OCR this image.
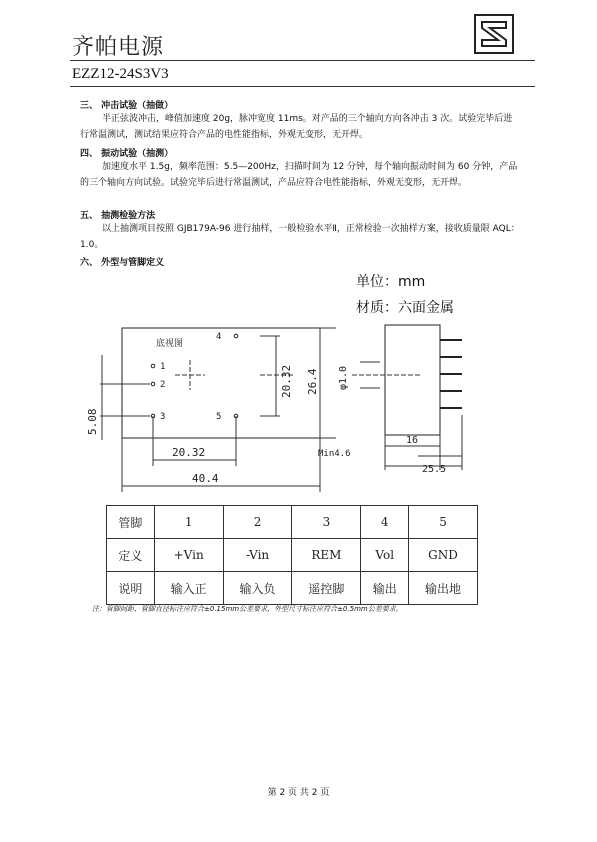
齐帕电源
EZZ12-24S3V3
三、 冲击试验（抽做）
半正弦波冲击，峰值加速度 20g，脉冲宽度 11ms。对产品的三个轴向方向各冲击 3 次。试验完毕后进行常温测试，测试结果应符合产品的电性能指标，外观无变形，无开焊。
四、 振动试验（抽测）
加速度水平 1.5g，频率范围：5.5—200Hz，扫描时间为 12 分钟，每个轴向振动时间为 60 分钟，产品的三个轴向方向试验。试验完毕后进行常温测试，产品应符合电性能指标，外观无变形，无开焊。
五、 抽测检验方法
以上抽测项目按照 GJB179A-96 进行抽样，一般检验水平Ⅱ，正常检验一次抽样方案，接收质量限 AQL：1.0。
六、 外型与管脚定义
单位：mm
材质：六面金属
底视图
1
2
3
4
5
20.32 26.4
5.08
20.32
40.4
φ1.0
Min4.6
16
25.5
管脚	1	2	3	4	5
定义	+Vin	-Vin	REM	Vol	GND
说明	输入正	输入负	遥控脚	输出	输出地
注：管脚间距、管脚直径标注应符合±0.15mm公差要求，外型尺寸标注应符合±0.5mm公差要求。
第 2 页 共 2 页
